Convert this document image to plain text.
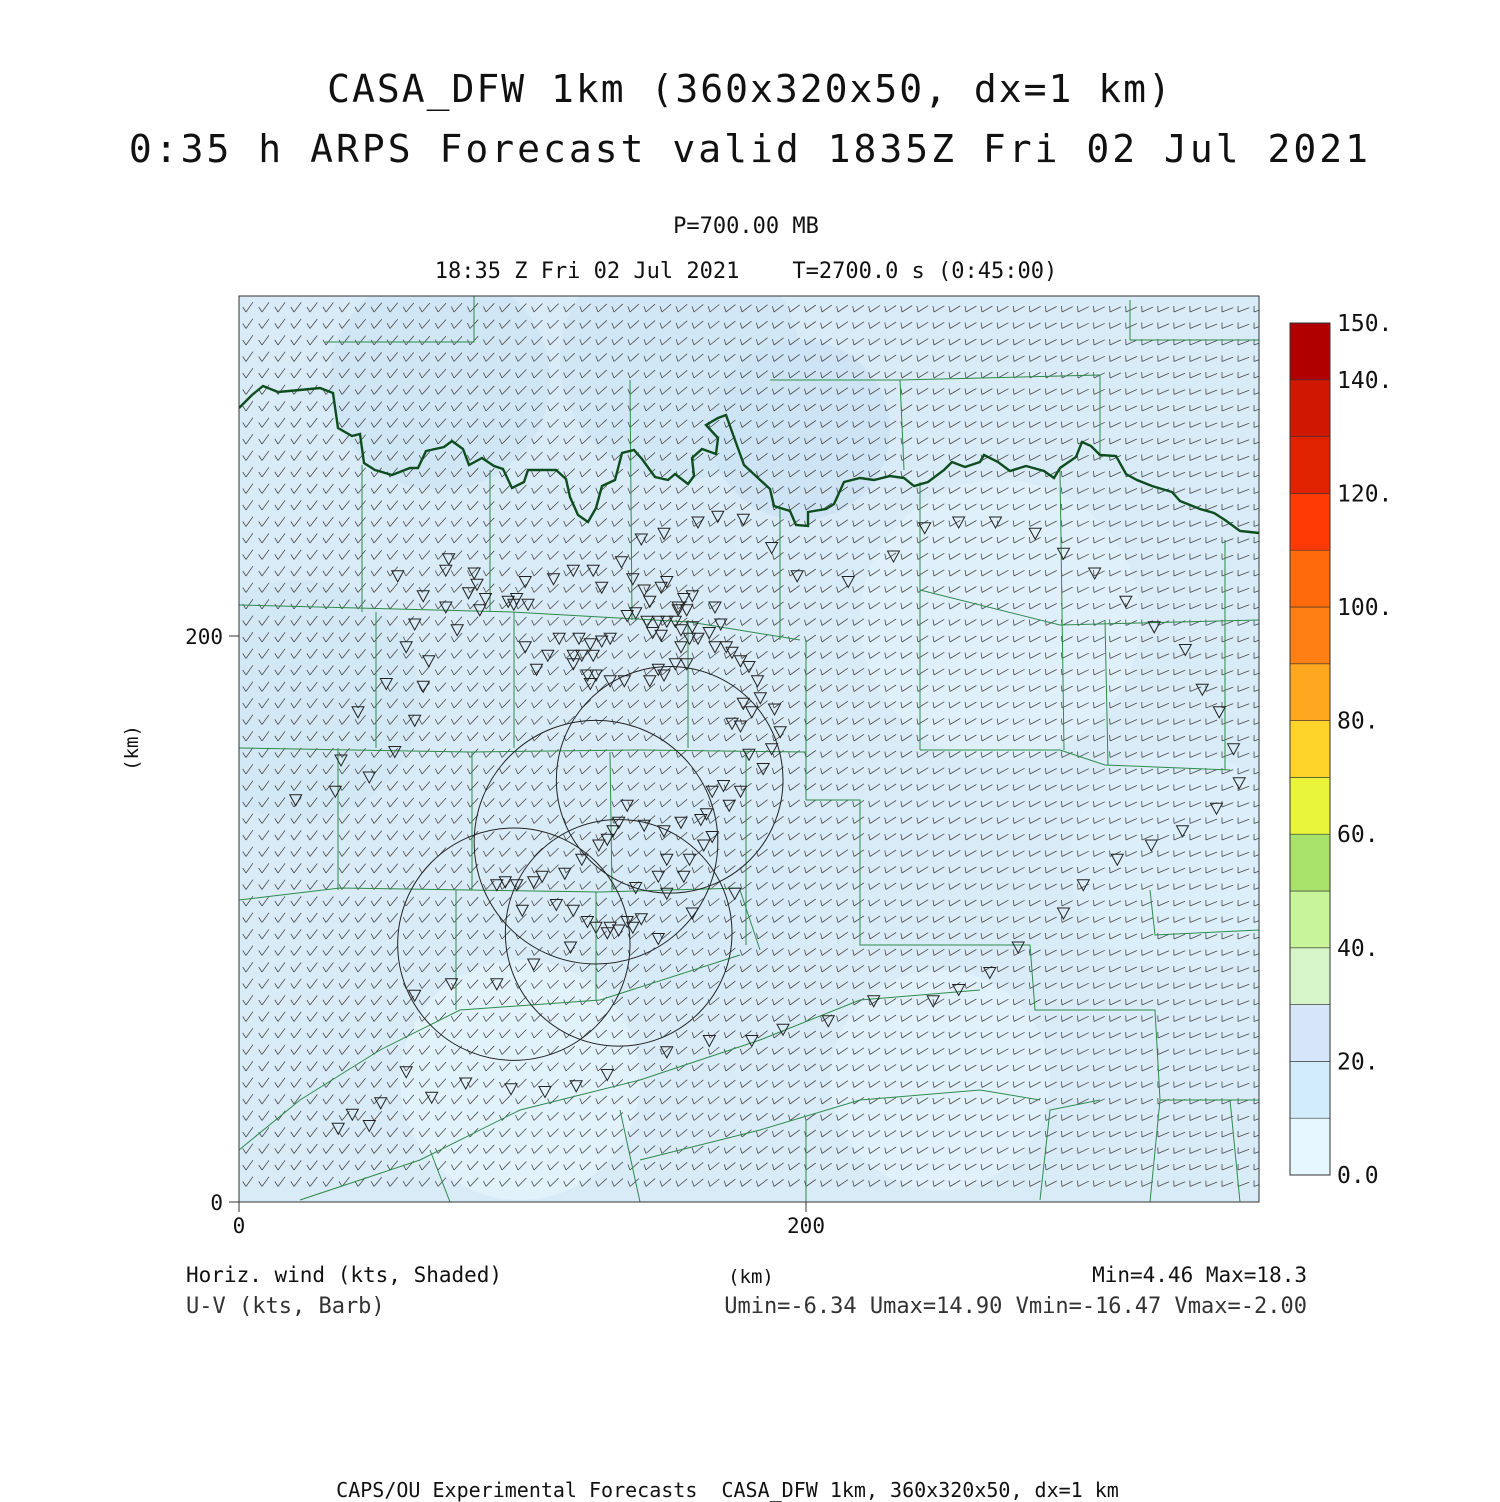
CASA_DFW 1km (360x320x50, dx=1 km)
0:35 h ARPS Forecast valid 1835Z Fri 02 Jul 2021
P=700.00 MB
18:35 Z Fri 02 Jul 2021    T=2700.0 s (0:45:00)
0	200
0
200
(km)
(km)
0.0
20.
40.
60.
80.
100.
120.
140.
150.
Horiz. wind (kts, Shaded)
U-V (kts, Barb)
Min=4.46 Max=18.3
Umin=-6.34 Umax=14.90 Vmin=-16.47 Vmax=-2.00
CAPS/OU Experimental Forecasts  CASA_DFW 1km, 360x320x50, dx=1 km
